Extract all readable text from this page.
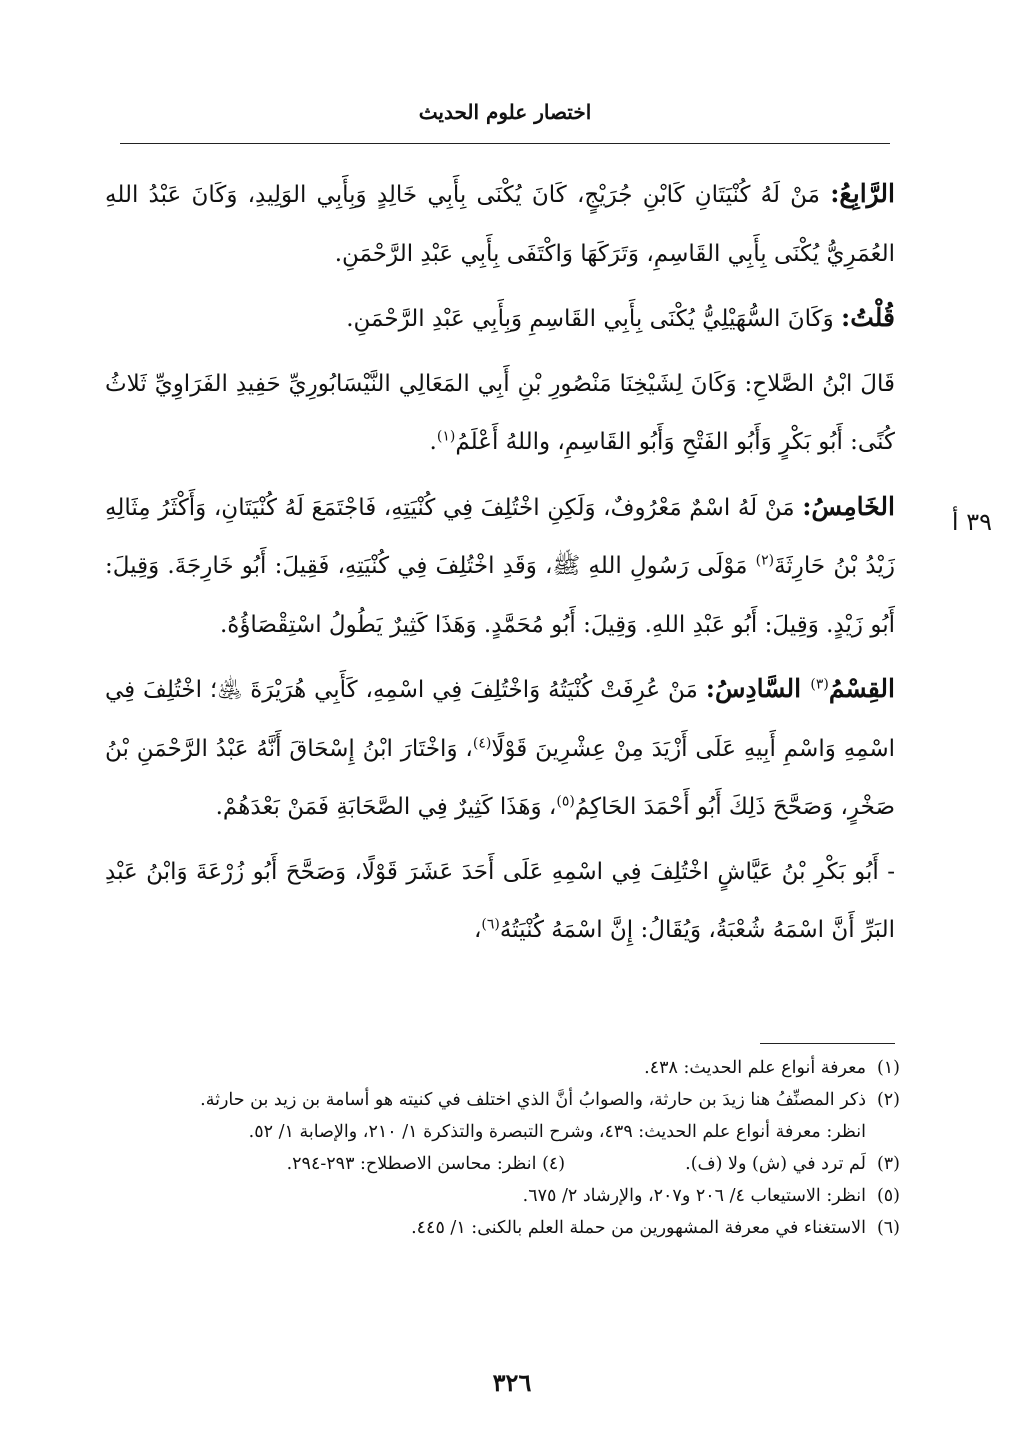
اختصار علوم الحديث
٣٩ أ

الرَّابِعُ: مَنْ لَهُ كُنْيَتَانِ كَابْنِ جُرَيْجٍ، كَانَ يُكْنَى بِأَبِي خَالِدٍ وَبِأَبِي الوَلِيدِ، وَكَانَ عَبْدُ اللهِ العُمَرِيُّ يُكْنَى بِأَبِي القَاسِمِ، وَتَرَكَهَا وَاكْتَفَى بِأَبِي عَبْدِ الرَّحْمَنِ.

قُلْتُ: وَكَانَ السُّهَيْلِيُّ يُكْنَى بِأَبِي القَاسِمِ وَبِأَبِي عَبْدِ الرَّحْمَنِ.

قَالَ ابْنُ الصَّلاحِ: وَكَانَ لِشَيْخِنَا مَنْصُورِ بْنِ أَبِي المَعَالِي النَّيْسَابُورِيِّ حَفِيدِ الفَرَاوِيِّ ثَلاثُ كُنًى: أَبُو بَكْرٍ وَأَبُو الفَتْحِ وَأَبُو القَاسِمِ، واللهُ أَعْلَمُ$^{(١)}$.

الخَامِسُ: مَنْ لَهُ اسْمٌ مَعْرُوفٌ، وَلَكِنِ اخْتُلِفَ فِي كُنْيَتِهِ، فَاجْتَمَعَ لَهُ كُنْيَتَانِ، وَأَكْثَرُ مِثَالِهِ زَيْدُ بْنُ حَارِثَةَ$^{(٢)}$ مَوْلَى رَسُولِ اللهِ ﷺ، وَقَدِ اخْتُلِفَ فِي كُنْيَتِهِ، فَقِيلَ: أَبُو خَارِجَةَ. وَقِيلَ: أَبُو زَيْدٍ. وَقِيلَ: أَبُو عَبْدِ اللهِ. وَقِيلَ: أَبُو مُحَمَّدٍ. وَهَذَا كَثِيرٌ يَطُولُ اسْتِقْصَاؤُهُ.

القِسْمُ$^{(٣)}$ السَّادِسُ: مَنْ عُرِفَتْ كُنْيَتُهُ وَاخْتُلِفَ فِي اسْمِهِ، كَأَبِي هُرَيْرَةَ ﵁؛ اخْتُلِفَ فِي اسْمِهِ وَاسْمِ أَبِيهِ عَلَى أَزْيَدَ مِنْ عِشْرِينَ قَوْلًا$^{(٤)}$، وَاخْتَارَ ابْنُ إِسْحَاقَ أَنَّهُ عَبْدُ الرَّحْمَنِ بْنُ صَخْرٍ، وَصَحَّحَ ذَلِكَ أَبُو أَحْمَدَ الحَاكِمُ$^{(٥)}$، وَهَذَا كَثِيرٌ فِي الصَّحَابَةِ فَمَنْ بَعْدَهُمْ.

- أَبُو بَكْرِ بْنُ عَيَّاشٍ اخْتُلِفَ فِي اسْمِهِ عَلَى أَحَدَ عَشَرَ قَوْلًا، وَصَحَّحَ أَبُو زُرْعَةَ وَابْنُ عَبْدِ البَرِّ أَنَّ اسْمَهُ شُعْبَةُ، وَيُقَالُ: إِنَّ اسْمَهُ كُنْيَتُهُ$^{(٦)}$،

(١)
معرفة أنواع علم الحديث: ٤٣٨.
(٢)
ذكر المصنِّفُ هنا زيدَ بن حارثة، والصوابُ أنَّ الذي اختلف في كنيته هو أسامة بن زيد بن حارثة.
انظر: معرفة أنواع علم الحديث: ٤٣٩، وشرح التبصرة والتذكرة ١/ ٢١٠، والإصابة ١/ ٥٢.
(٣)
لَم ترد في (ش) ولا (ف).(٤) انظر: محاسن الاصطلاح: ٢٩٣-٢٩٤.
(٥)
انظر: الاستيعاب ٤/ ٢٠٦ و٢٠٧، والإرشاد ٢/ ٦٧٥.
(٦)
الاستغناء في معرفة المشهورين من حملة العلم بالكنى: ١/ ٤٤٥.
٣٢٦
